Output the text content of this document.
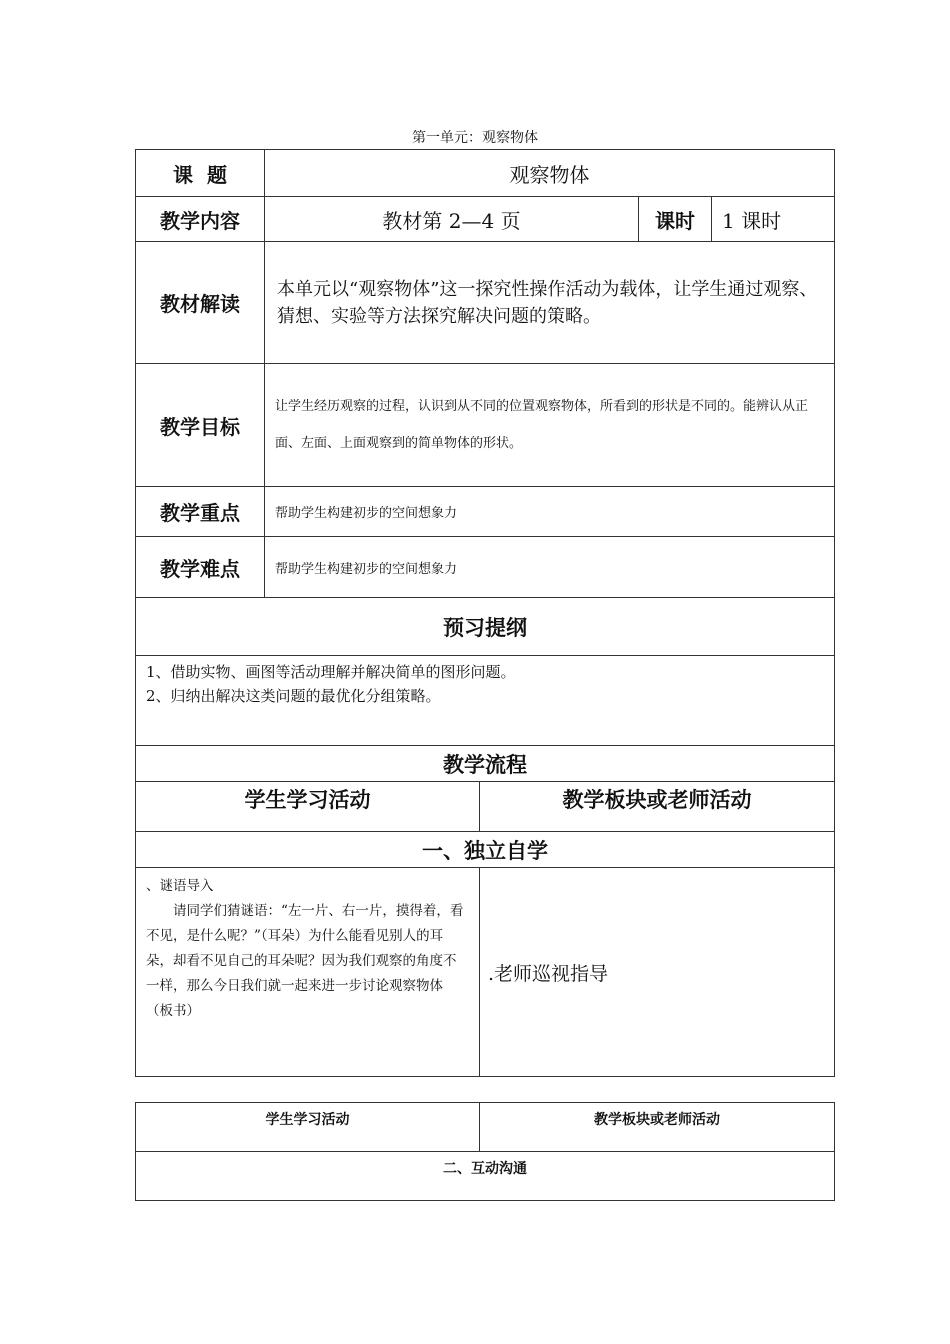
第一单元：观察物体
课  题	观察物体			
教学内容	教材第 2—4 页		课时	1 课时
教材解读	本单元以“观察物体”这一探究性操作活动为载体，让学生通过观察、猜想、实验等方法探究解决问题的策略。			
教学目标	让学生经历观察的过程，认识到从不同的位置观察物体，所看到的形状是不同的。能辨认从正面、左面、上面观察到的简单物体的形状。			
教学重点	帮助学生构建初步的空间想象力			
教学难点	帮助学生构建初步的空间想象力			
预习提纲				

1、借助实物、画图等活动理解并解决简单的图形问题。
2、归纳出解决这类问题的最优化分组策略。				

教学流程				
学生学习活动		教学板块或老师活动		
一、独立自学				

、谜语导入
请同学们猜谜语：“左一片、右一片，摸得着，看不见，是什么呢？”（耳朵）为什么能看见别人的耳朵，却看不见自己的耳朵呢？因为我们观察的角度不一样，那么今日我们就一起来进一步讨论观察物体（板书）		.老师巡视指导		
学生学习活动	教学板块或老师活动
二、互动沟通
